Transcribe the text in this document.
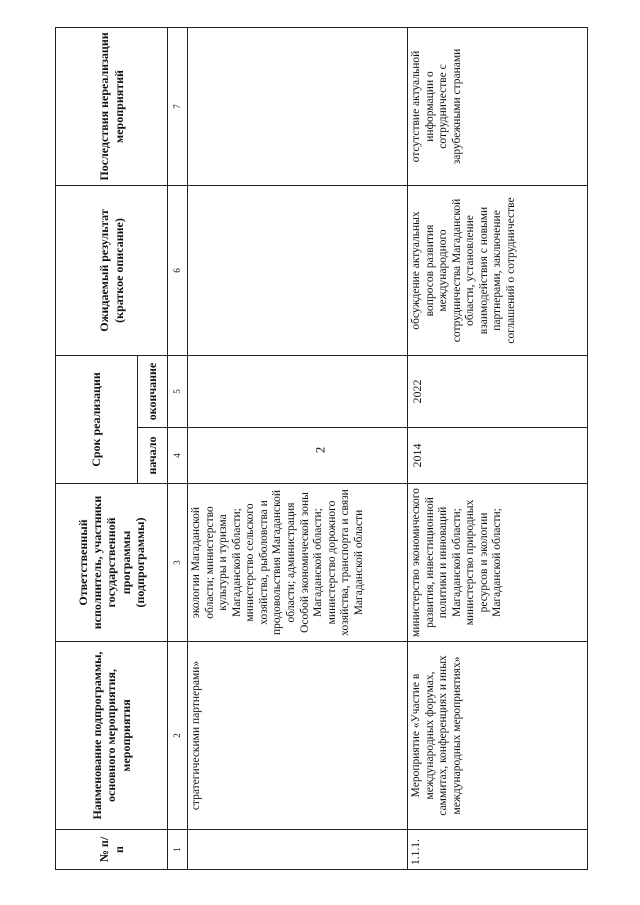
2
№ п/п	Наименование подпрограммы, основного мероприятия, мероприятия	Ответственный исполнитель, участники государственной программы (подпрограммы)	Срок реализации		Ожидаемый результат (краткое описание)	Последствия нереализации мероприятий
			начало	окончание		
1	2	3	4	5	6	7
	стратегическими партнерами»	экологии Магаданской области; министерство культуры и туризма Магаданской области; министерство сельского хозяйства, рыболовства и продовольствия Магаданской области; администрация Особой экономической зоны Магаданской области; министерство дорожного хозяйства, транспорта и связи Магаданской области				
1.1.1.	Мероприятие «Участие в международных форумах, саммитах, конференциях и иных международных мероприятиях»	министерство экономического развития, инвестиционной политики и инноваций Магаданской области; министерство природных ресурсов и экологии Магаданской области;	2014	2022	обсуждение актуальных вопросов развития международного сотрудничества Магаданской области, установление взаимодействия с новыми партнерами, заключение соглашений о сотрудничестве	отсутствие актуальной информации о сотрудничестве с зарубежными странами
